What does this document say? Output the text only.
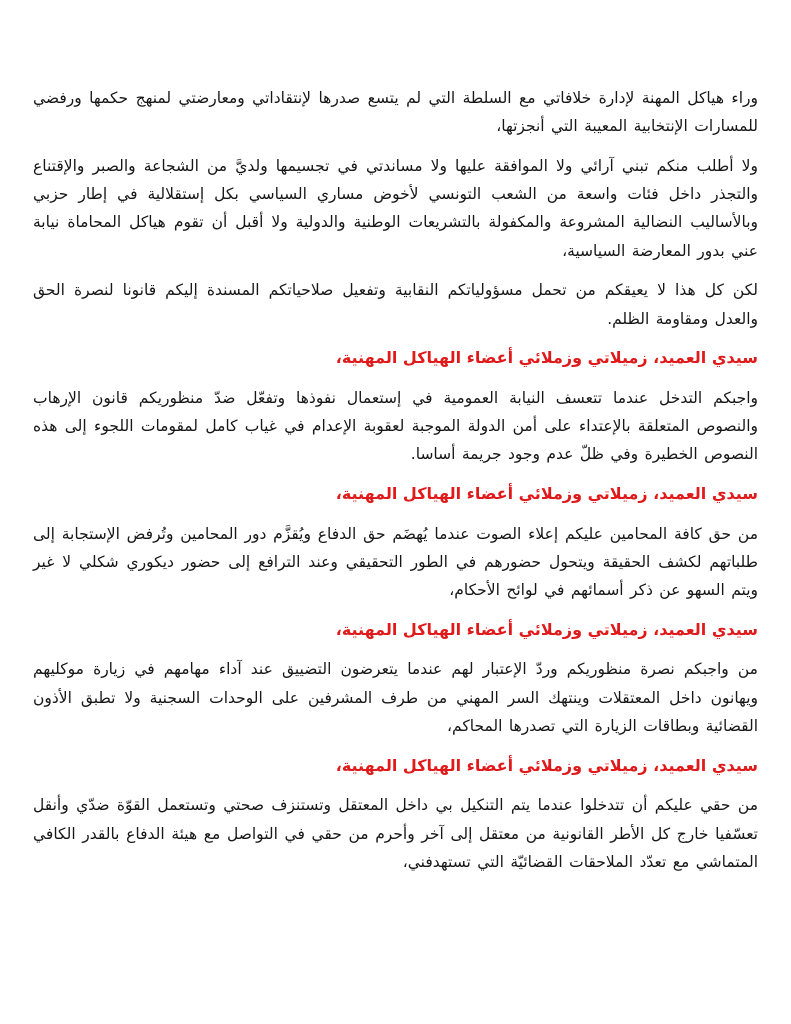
وراء هياكل المهنة لإدارة خلافاتي مع السلطة التي لم يتسع صدرها لإنتقاداتي ومعارضتي لمنهج حكمها ورفضي للمسارات الإنتخابية المعيبة التي أنجزتها،

ولا أطلب منكم تبني آرائي ولا الموافقة عليها ولا مساندتي في تجسيمها ولديَّ من الشجاعة والصبر والإقتناع والتجذر داخل فئات واسعة من الشعب التونسي لأخوض مساري السياسي بكل إستقلالية في إطار حزبي وبالأساليب النضالية المشروعة والمكفولة بالتشريعات الوطنية والدولية ولا أقبل أن تقوم هياكل المحاماة نيابة عني بدور المعارضة السياسية،

لكن كل هذا لا يعيقكم من تحمل مسؤولياتكم النقابية وتفعيل صلاحياتكم المسندة إليكم قانونا لنصرة الحق والعدل ومقاومة الظلم.

سيدي العميد، زميلاتي وزملائي أعضاء الهياكل المهنية،

واجبكم التدخل عندما تتعسف النيابة العمومية في إستعمال نفوذها وتفعّل ضدّ منظوريكم قانون الإرهاب والنصوص المتعلقة بالإعتداء على أمن الدولة الموجبة لعقوبة الإعدام في غياب كامل لمقومات اللجوء إلى هذه النصوص الخطيرة وفي ظلّ عدم وجود جريمة أساسا.

سيدي العميد، زميلاتي وزملائي أعضاء الهياكل المهنية،

من حق كافة المحامين عليكم إعلاء الصوت عندما يُهضَم حق الدفاع ويُقزَّم دور المحامين وتُرفض الإستجابة إلى طلباتهم لكشف الحقيقة ويتحول حضورهم في الطور التحقيقي وعند الترافع إلى حضور ديكوري شكلي لا غير ويتم السهو عن ذكر أسمائهم في لوائح الأحكام،

سيدي العميد، زميلاتي وزملائي أعضاء الهياكل المهنية،

من واجبكم نصرة منظوريكم وردّ الإعتبار لهم عندما يتعرضون التضييق عند آداء مهامهم في زيارة موكليهم ويهانون داخل المعتقلات وينتهك السر المهني من طرف المشرفين على الوحدات السجنية ولا تطبق الأذون القضائية وبطاقات الزيارة التي تصدرها المحاكم،

سيدي العميد، زميلاتي وزملائي أعضاء الهياكل المهنية،

من حقي عليكم أن تتدخلوا عندما يتم التنكيل بي داخل المعتقل وتستنزف صحتي وتستعمل القوّة ضدّي وأنقل تعسّفيا خارج كل الأطر القانونية من معتقل إلى آخر وأحرم من حقي في التواصل مع هيئة الدفاع بالقدر الكافي المتماشي مع تعدّد الملاحقات القضائيّة التي تستهدفني،
